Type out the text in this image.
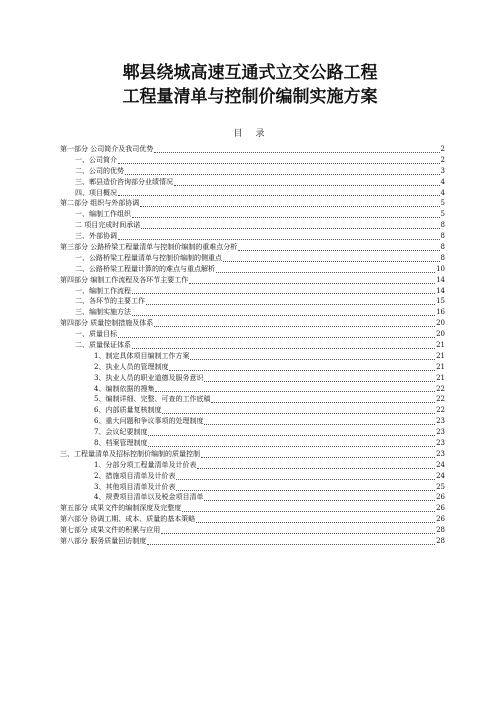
郫县绕城高速互通式立交公路工程
工程量清单与控制价编制实施方案
目　录
第一部分 公司简介及我司优势	2
一、公司简介	2
二、公司的优势	3
三、郫县造价咨询部分业绩情况	4
四、项目概况	4
第二部分 组织与外部协调	5
一、编制工作组织	5
二 项目完成时间承诺	8
三、外部协调	8
第三部分 公路桥梁工程量清单与控制价编制的重难点分析	8
一、公路桥梁工程量清单与控制价编制的侧重点	8
二、公路桥梁工程量计算的的难点与重点解析	10
第四部分 编制工作流程及各环节主要工作	14
一、编制工作流程	14
二、各环节的主要工作	15
三、编制实施方法	16
第四部分 质量控制措施及体系	20
一、质量目标	20
二、质量保证体系	21
1、制定具体项目编制工作方案	21
2、执业人员的管理制度	21
3、执业人员的职业道德及服务意识	21
4、编制依据的搜集	22
5、编制详细、完整、可查的工作底稿	22
6、内部质量复核制度	22
6、重大问题和争议事项的处理制度	23
7、会议纪要制度	23
8、档案管理制度	23
三、工程量清单及招标控制价编制的质量控制	23
1、分部分项工程量清单及计价表	24
2、措施项目清单及计价表	24
3、其他项目清单及计价表	25
4、规费项目清单以及税金项目清单	26
第五部分 成果文件的编制深度及完整度	26
第六部分 协调工期、成本、质量的基本策略	26
第七部分 成果文件的积累与应用	28
第八部分 服务质量回访制度	28
